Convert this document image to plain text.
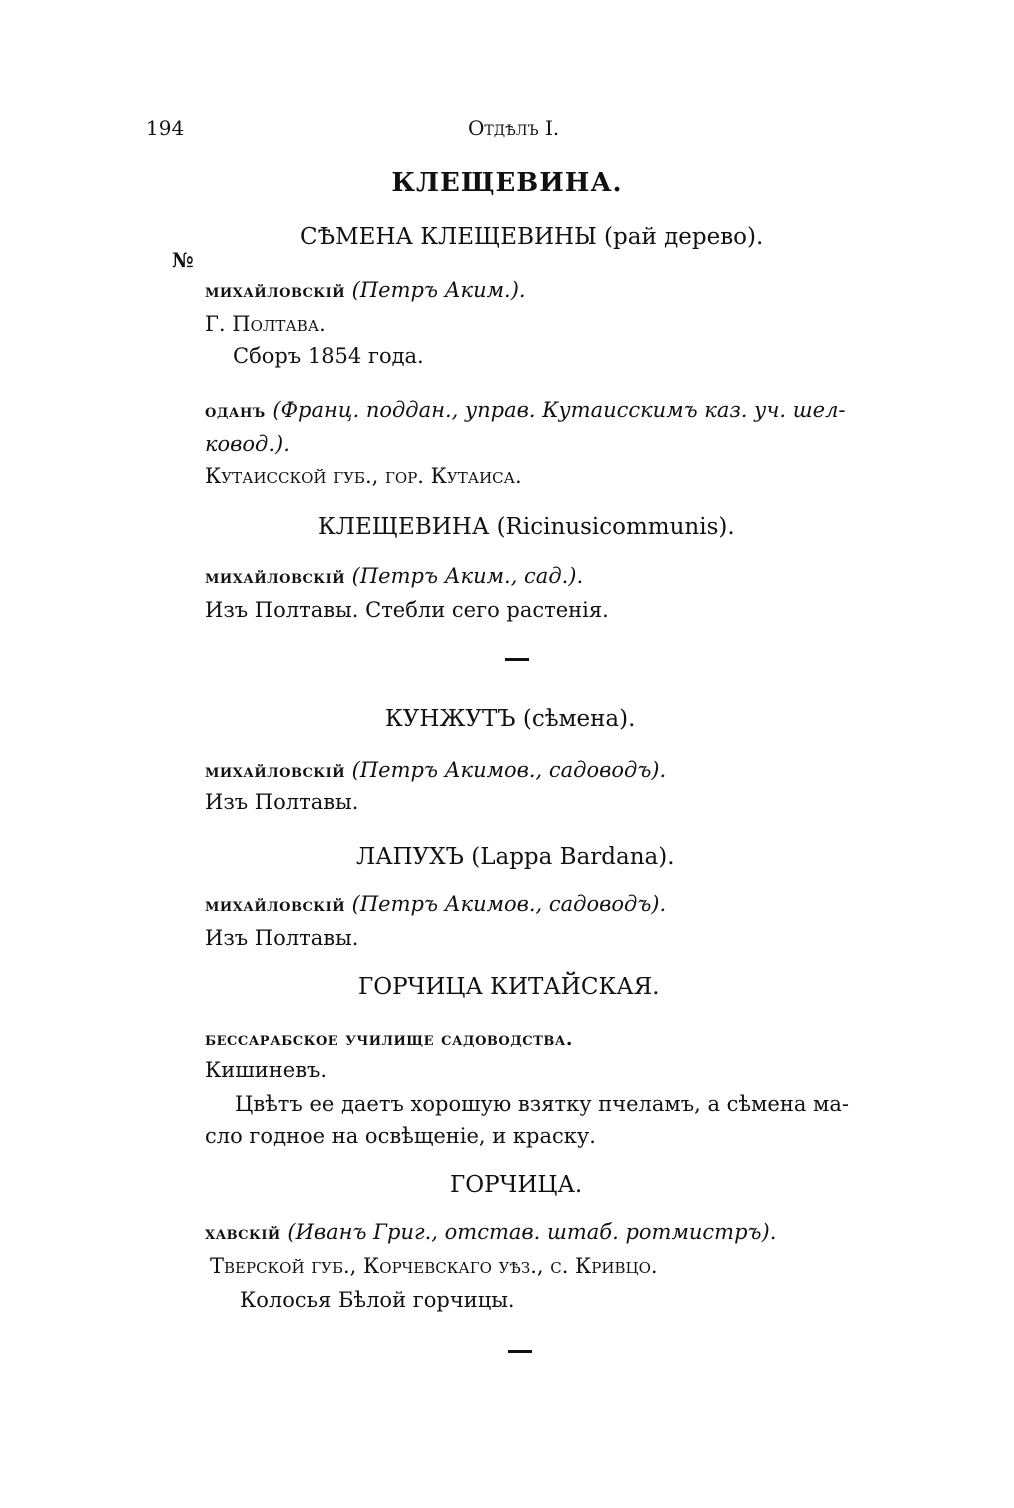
194	Отдѣлъ I.
КЛЕЩЕВИНА.
СѢМЕНА КЛЕЩЕВИНЫ (рай дерево).
№
михайловскій (Петръ Аким.).
Г. Полтава.
Сборъ 1854 года.
оданъ (Франц. поддан., управ. Кутаисскимъ каз. уч. шел-
ковод.).
Кутаисской губ., гор. Кутаиса.
КЛЕЩЕВИНА (Ricinusicommunis).
михайловскій (Петръ Аким., сад.).
Изъ Полтавы. Стебли сего растенія.
КУНЖУТЪ (сѣмена).
михайловскій (Петръ Акимов., садоводъ).
Изъ Полтавы.
ЛАПУХЪ (Lappa Bardana).
михайловскій (Петръ Акимов., садоводъ).
Изъ Полтавы.
ГОРЧИЦА КИТАЙСКАЯ.
бессарабское училище садоводства.
Кишиневъ.
Цвѣтъ ее даетъ хорошую взятку пчеламъ, а сѣмена ма-
сло годное на освѣщеніе, и краску.
ГОРЧИЦА.
хавскій (Иванъ Григ., отстав. штаб. ротмистръ).
Тверской губ., Корчевскаго уѣз., с. Кривцо.
Колосья Бѣлой горчицы.
